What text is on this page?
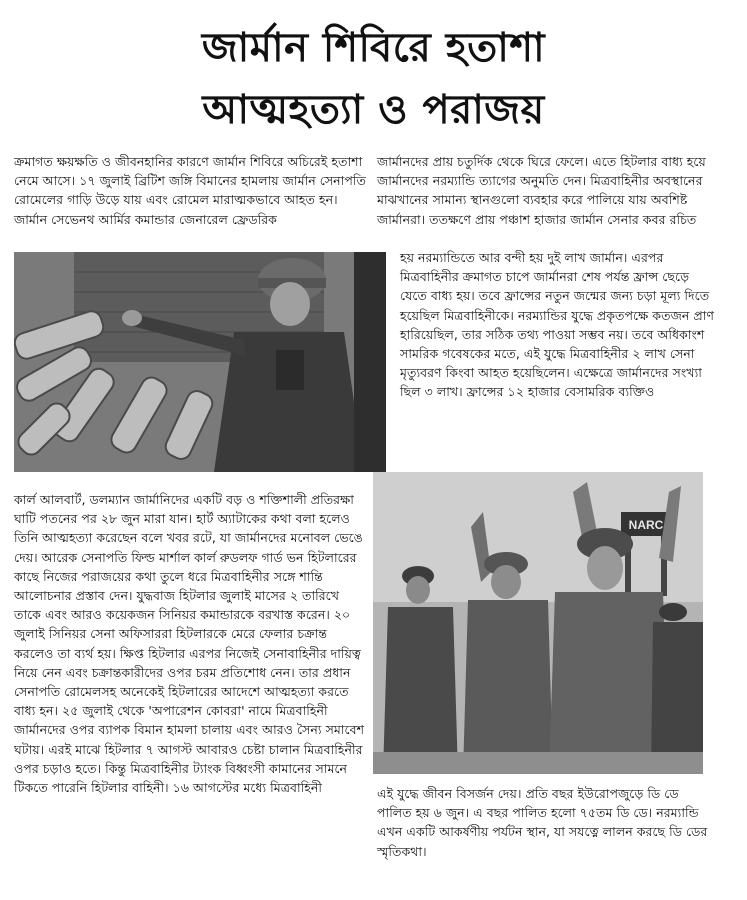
জার্মান শিবিরে হতাশা
আত্মহত্যা ও পরাজয়

ক্রমাগত ক্ষয়ক্ষতি ও জীবনহানির কারণে জার্মান শিবিরে অচিরেই হতাশা নেমে আসে। ১৭ জুলাই ব্রিটিশ জঙ্গি বিমানের হামলায় জার্মান সেনাপতি রোমেলের গাড়ি উড়ে যায় এবং রোমেল মারাত্মকভাবে আহত হন। জার্মান সেভেনথ আর্মির কমান্ডার জেনারেল ফ্রেডরিক

জার্মানদের প্রায় চতুর্দিক থেকে ঘিরে ফেলে। এতে হিটলার বাধ্য হয়ে জার্মানদের নরম্যান্ডি ত্যাগের অনুমতি দেন। মিত্রবাহিনীর অবস্থানের মাঝখানের সামান্য স্থানগুলো ব্যবহার করে পালিয়ে যায় অবশিষ্ট জার্মানরা। ততক্ষণে প্রায় পঞ্চাশ হাজার জার্মান সেনার কবর রচিত

হয় নরম্যান্ডিতে আর বন্দী হয় দুই লাখ জার্মান। এরপর মিত্রবাহিনীর ক্রমাগত চাপে জার্মানরা শেষ পর্যন্ত ফ্রান্স ছেড়ে যেতে বাধ্য হয়। তবে ফ্রান্সের নতুন জন্মের জন্য চড়া মূল্য দিতে হয়েছিল মিত্রবাহিনীকে। নরম্যান্ডির যুদ্ধে প্রকৃতপক্ষে কতজন প্রাণ হারিয়েছিল, তার সঠিক তথ্য পাওয়া সম্ভব নয়। তবে অধিকাংশ সামরিক গবেষকের মতে, এই যুদ্ধে মিত্রবাহিনীর ২ লাখ সেনা মৃত্যুবরণ কিংবা আহত হয়েছিলেন। এক্ষেত্রে জার্মানদের সংখ্যা ছিল ৩ লাখ। ফ্রান্সের ১২ হাজার বেসামরিক ব্যক্তিও

কার্ল আলবার্ট, ডলম্যান জার্মানিদের একটি বড় ও শক্তিশালী প্রতিরক্ষা ঘাটি পতনের পর ২৮ জুন মারা যান। হার্ট অ্যাটাকের কথা বলা হলেও তিনি আত্মহত্যা করেছেন বলে খবর রটে, যা জার্মানদের মনোবল ভেঙে দেয়। আরেক সেনাপতি ফিল্ড মার্শাল কার্ল রুডলফ গার্ড ভন হিটলারের কাছে নিজের পরাজয়ের কথা তুলে ধরে মিত্রবাহিনীর সঙ্গে শান্তি আলোচনার প্রস্তাব দেন। যুদ্ধবাজ হিটলার জুলাই মাসের ২ তারিখে তাকে এবং আরও কয়েকজন সিনিয়র কমান্ডারকে বরখাস্ত করেন। ২০ জুলাই সিনিয়র সেনা অফিসাররা হিটলারকে মেরে ফেলার চক্রান্ত করলেও তা ব্যর্থ হয়। ক্ষিপ্ত হিটলার এরপর নিজেই সেনাবাহিনীর দায়িত্ব নিয়ে নেন এবং চক্রান্তকারীদের ওপর চরম প্রতিশোধ নেন। তার প্রধান সেনাপতি রোমেলসহ অনেকেই হিটলারের আদেশে আত্মহত্যা করতে বাধ্য হন। ২৫ জুলাই থেকে 'অপারেশন কোবরা' নামে মিত্রবাহিনী জার্মানদের ওপর ব্যাপক বিমান হামলা চালায় এবং আরও সৈন্য সমাবেশ ঘটায়। এরই মাঝে হিটলার ৭ আগস্ট আবারও চেষ্টা চালান মিত্রবাহিনীর ওপর চড়াও হতে। কিন্তু মিত্রবাহিনীর ট্যাংক বিধ্বংসী কামানের সামনে টিকতে পারেনি হিটলার বাহিনী। ১৬ আগস্টের মধ্যে মিত্রবাহিনী

NARC

এই যুদ্ধে জীবন বিসর্জন দেয়। প্রতি বছর ইউরোপজুড়ে ডি ডে পালিত হয় ৬ জুন। এ বছর পালিত হলো ৭৫তম ডি ডে। নরম্যান্ডি এখন একটি আকর্ষণীয় পর্যটন স্থান, যা সযত্নে লালন করছে ডি ডের স্মৃতিকথা।
